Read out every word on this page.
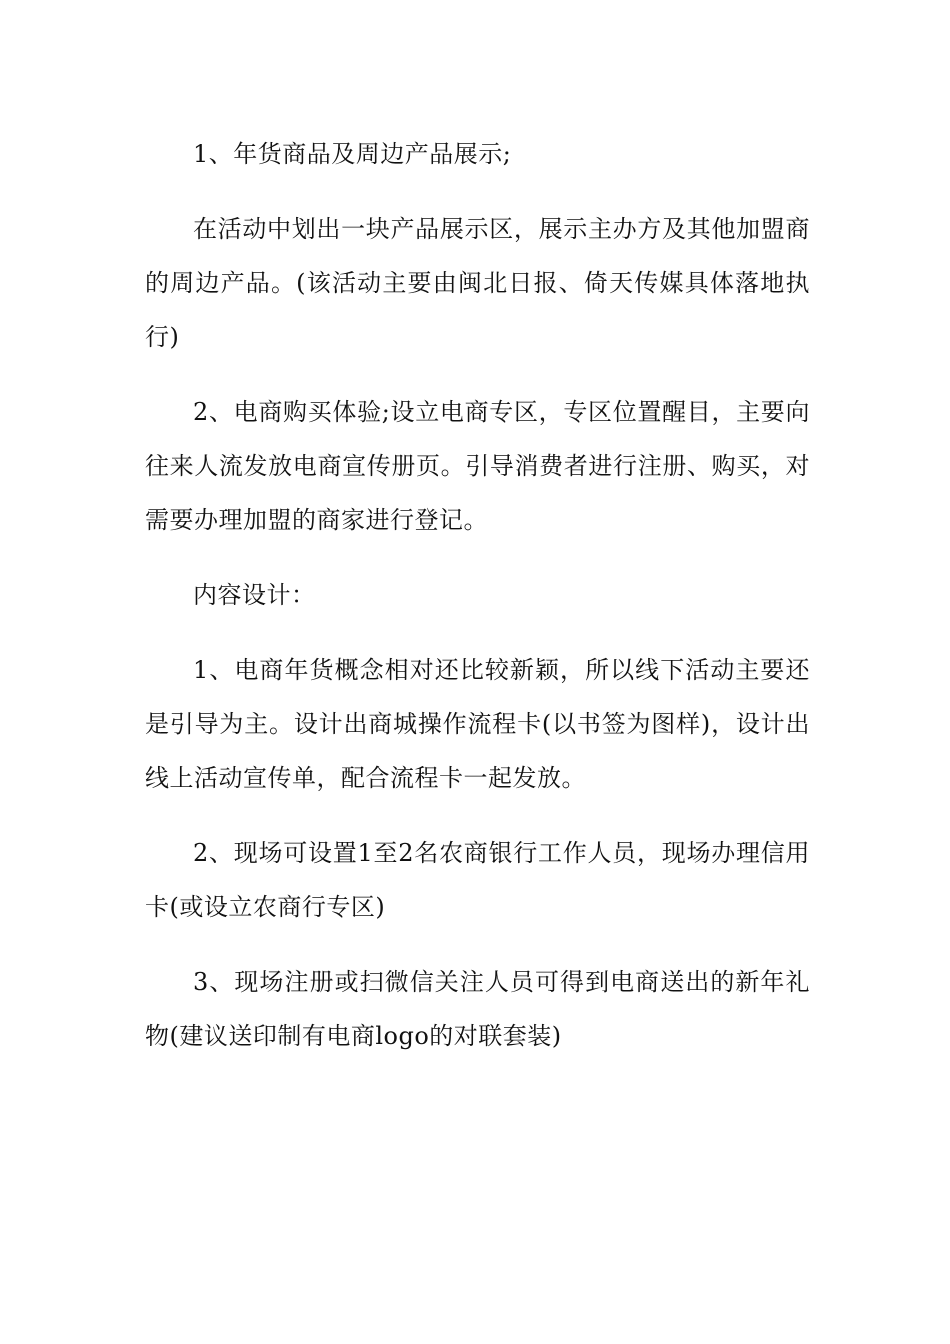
1、年货商品及周边产品展示;

在活动中划出一块产品展示区，展示主办方及其他加盟商的周边产品。(该活动主要由闽北日报、倚天传媒具体落地执行)

2、电商购买体验;设立电商专区，专区位置醒目，主要向往来人流发放电商宣传册页。引导消费者进行注册、购买，对需要办理加盟的商家进行登记。

内容设计：

1、电商年货概念相对还比较新颖，所以线下活动主要还是引导为主。设计出商城操作流程卡(以书签为图样)，设计出线上活动宣传单，配合流程卡一起发放。

2、现场可设置1至2名农商银行工作人员，现场办理信用卡(或设立农商行专区)

3、现场注册或扫微信关注人员可得到电商送出的新年礼物(建议送印制有电商logo的对联套装)
